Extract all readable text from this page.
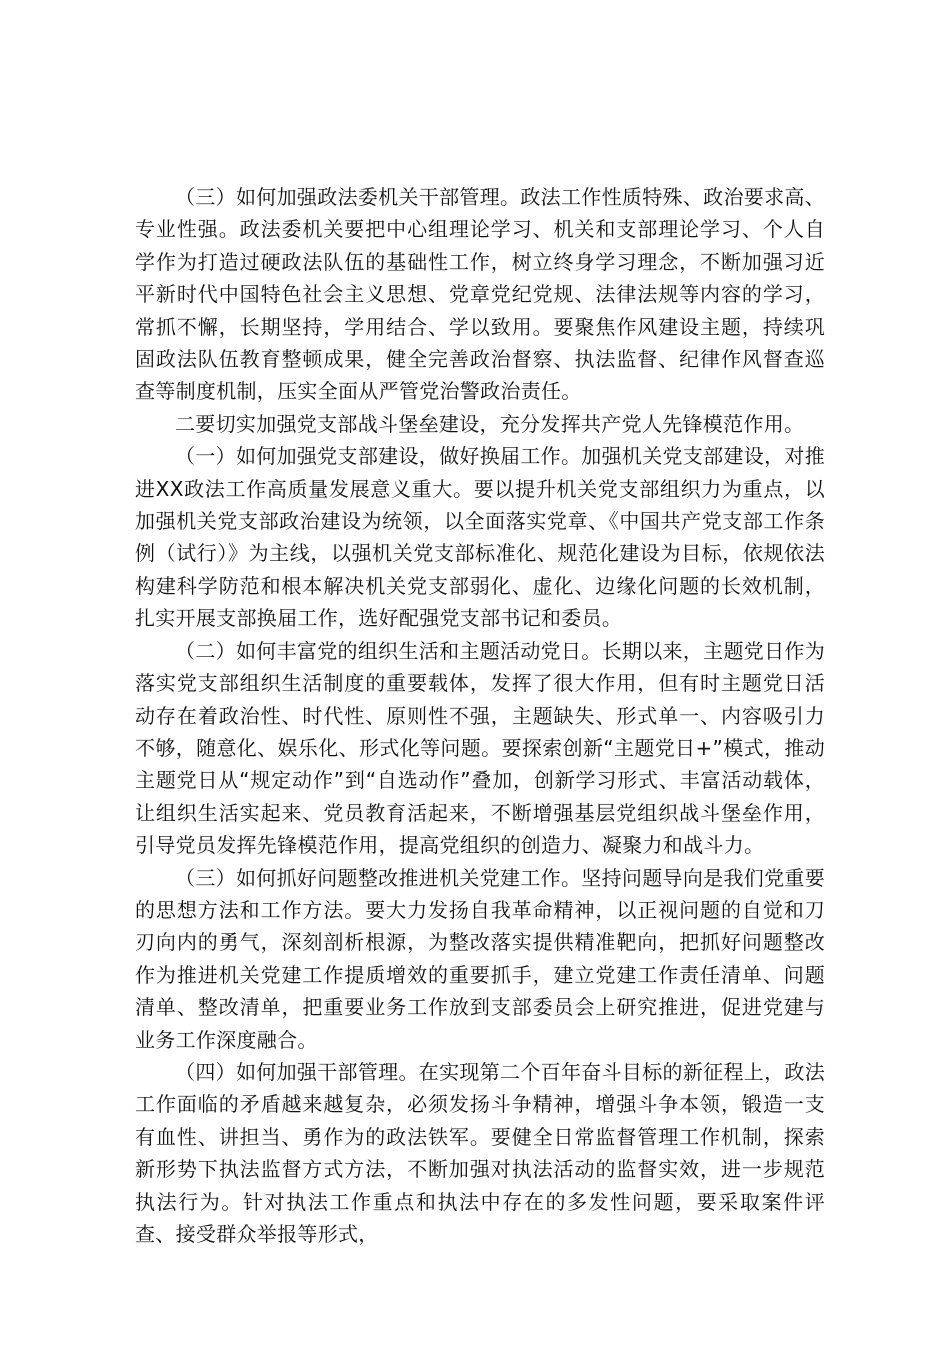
（三）如何加强政法委机关干部管理。政法工作性质特殊、政治要求高、专业性强。政法委机关要把中心组理论学习、机关和支部理论学习、个人自学作为打造过硬政法队伍的基础性工作，树立终身学习理念，不断加强习近平新时代中国特色社会主义思想、党章党纪党规、法律法规等内容的学习，常抓不懈，长期坚持，学用结合、学以致用。要聚焦作风建设主题，持续巩固政法队伍教育整顿成果，健全完善政治督察、执法监督、纪律作风督查巡查等制度机制，压实全面从严管党治警政治责任。

二要切实加强党支部战斗堡垒建设，充分发挥共产党人先锋模范作用。

（一）如何加强党支部建设，做好换届工作。加强机关党支部建设，对推进XX政法工作高质量发展意义重大。要以提升机关党支部组织力为重点，以加强机关党支部政治建设为统领，以全面落实党章、《中国共产党支部工作条例（试行）》为主线，以强机关党支部标准化、规范化建设为目标，依规依法构建科学防范和根本解决机关党支部弱化、虚化、边缘化问题的长效机制，扎实开展支部换届工作，选好配强党支部书记和委员。

（二）如何丰富党的组织生活和主题活动党日。长期以来，主题党日作为落实党支部组织生活制度的重要载体，发挥了很大作用，但有时主题党日活动存在着政治性、时代性、原则性不强，主题缺失、形式单一、内容吸引力不够，随意化、娱乐化、形式化等问题。要探索创新“主题党日+”模式，推动主题党日从“规定动作”到“自选动作”叠加，创新学习形式、丰富活动载体，让组织生活实起来、党员教育活起来，不断增强基层党组织战斗堡垒作用，引导党员发挥先锋模范作用，提高党组织的创造力、凝聚力和战斗力。

（三）如何抓好问题整改推进机关党建工作。坚持问题导向是我们党重要的思想方法和工作方法。要大力发扬自我革命精神，以正视问题的自觉和刀刃向内的勇气，深刻剖析根源，为整改落实提供精准靶向，把抓好问题整改作为推进机关党建工作提质增效的重要抓手，建立党建工作责任清单、问题清单、整改清单，把重要业务工作放到支部委员会上研究推进，促进党建与业务工作深度融合。

（四）如何加强干部管理。在实现第二个百年奋斗目标的新征程上，政法工作面临的矛盾越来越复杂，必须发扬斗争精神，增强斗争本领，锻造一支有血性、讲担当、勇作为的政法铁军。要健全日常监督管理工作机制，探索新形势下执法监督方式方法，不断加强对执法活动的监督实效，进一步规范执法行为。针对执法工作重点和执法中存在的多发性问题，要采取案件评查、接受群众举报等形式，
